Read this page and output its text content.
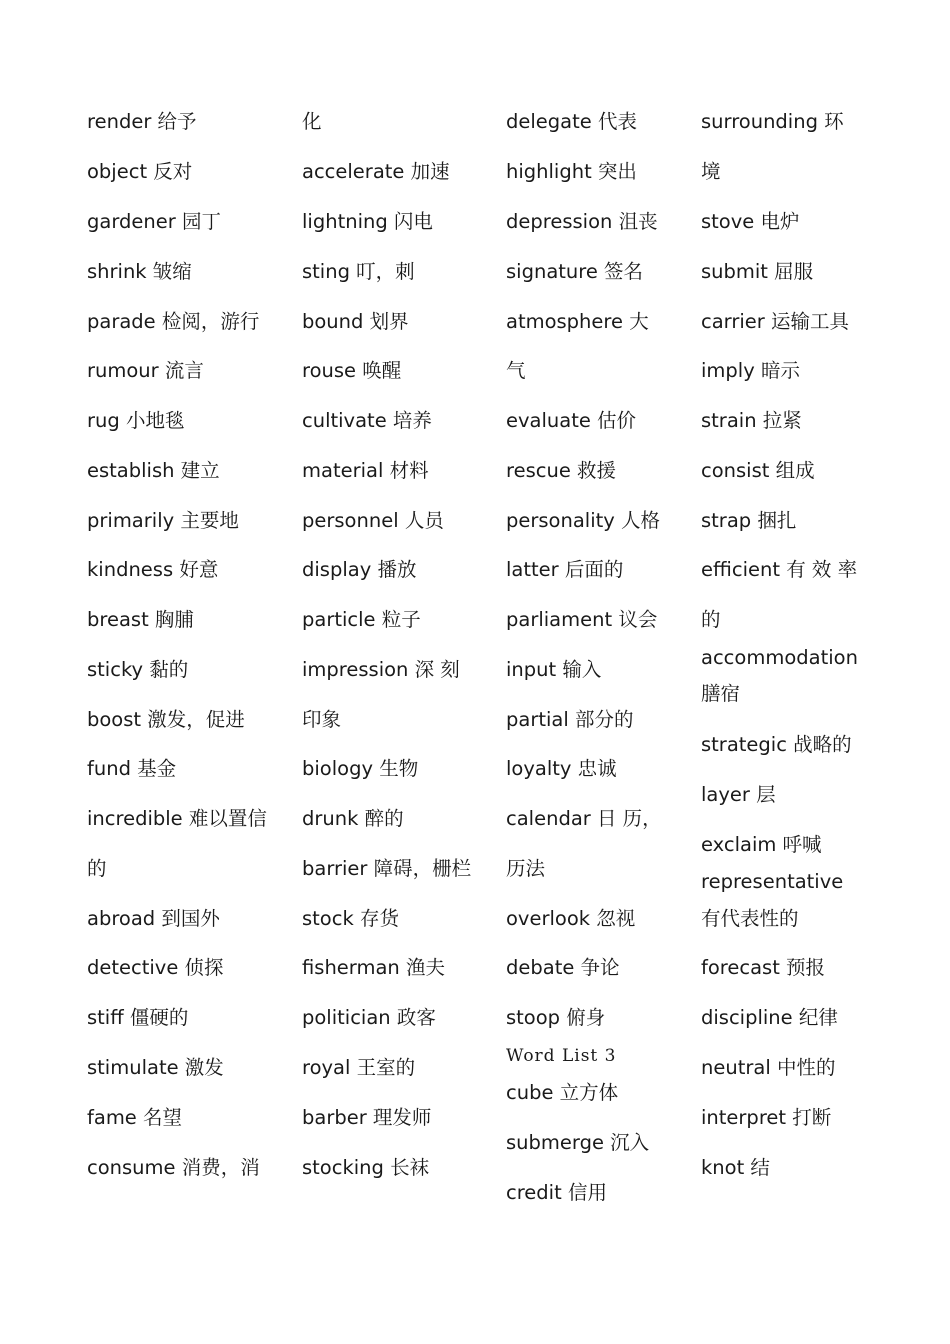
render 给予
object 反对
gardener 园丁
shrink 皱缩
parade 检阅，游行
rumour 流言
rug 小地毯
establish 建立
primarily 主要地
kindness 好意
breast 胸脯
sticky 黏的
boost 激发，促进
fund 基金
incredible 难以置信
的
abroad 到国外
detective 侦探
stiff 僵硬的
stimulate 激发
fame 名望
consume 消费，消
化
accelerate 加速
lightning 闪电
sting 叮，刺
bound 划界
rouse 唤醒
cultivate 培养
material 材料
personnel 人员
display 播放
particle 粒子
impression 深 刻
印象
biology 生物
drunk 醉的
barrier 障碍，栅栏
stock 存货
fisherman 渔夫
politician 政客
royal 王室的
barber 理发师
stocking 长袜
delegate 代表
highlight 突出
depression 沮丧
signature 签名
atmosphere 大
气
evaluate 估价
rescue 救援
personality 人格
latter 后面的
parliament 议会
input 输入
partial 部分的
loyalty 忠诚
calendar 日 历，
历法
overlook 忽视
debate 争论
stoop 俯身
Word List 3
cube 立方体
submerge 沉入
credit 信用
surrounding 环
境
stove 电炉
submit 屈服
carrier 运输工具
imply 暗示
strain 拉紧
consist 组成
strap 捆扎
efficient 有 效 率
的
accommodation
膳宿
strategic 战略的
layer 层
exclaim 呼喊
representative
有代表性的
forecast 预报
discipline 纪律
neutral 中性的
interpret 打断
knot 结
